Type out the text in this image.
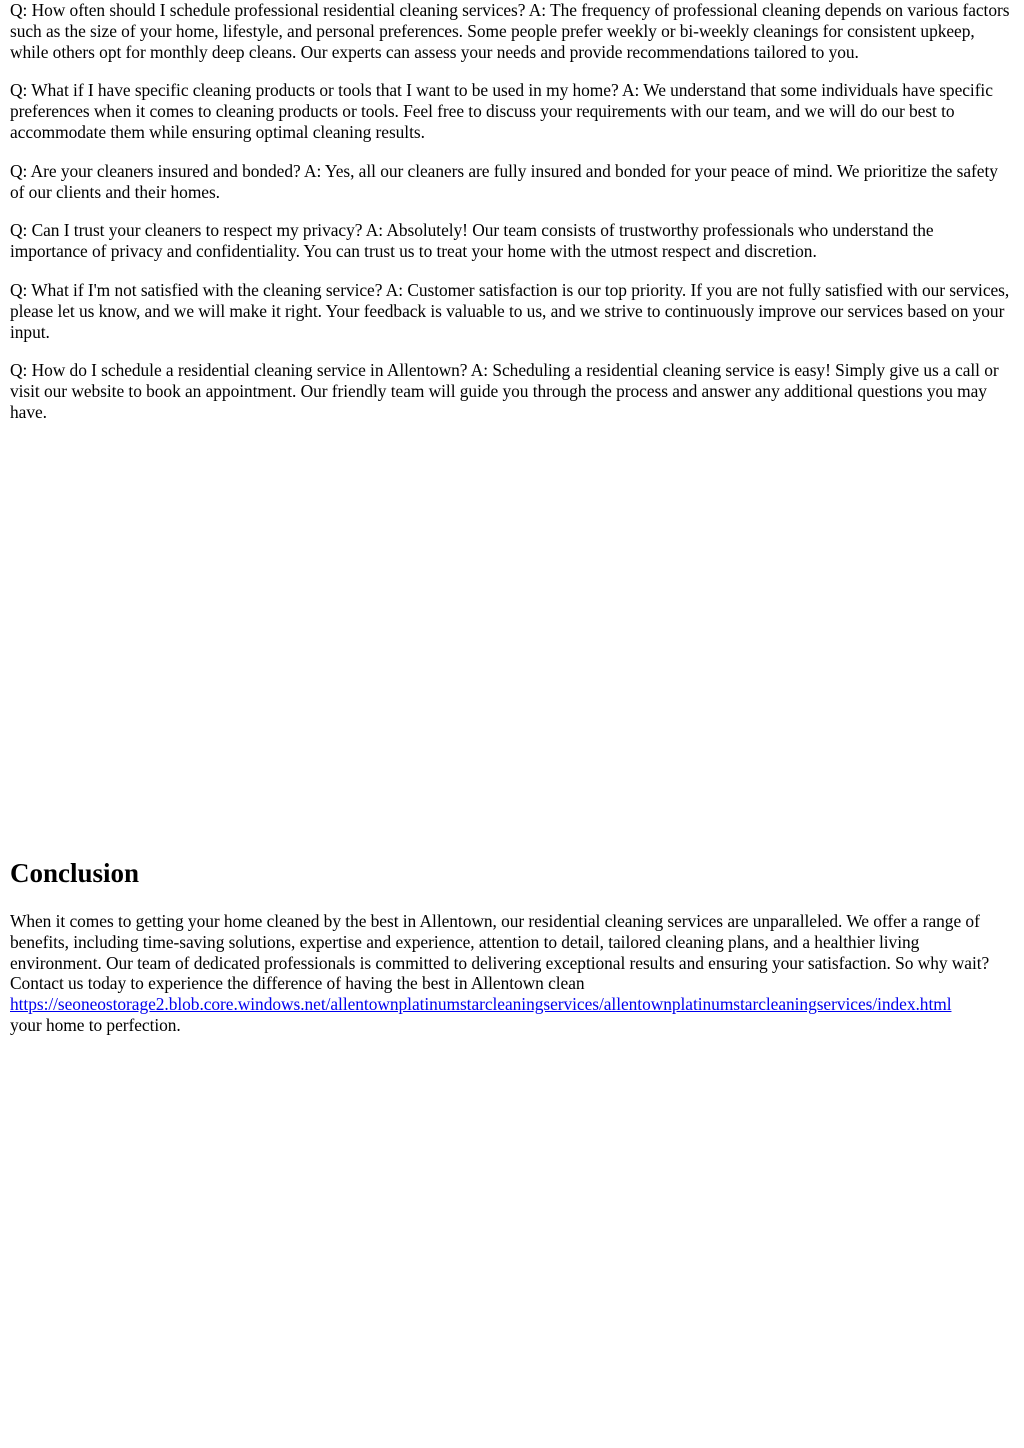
Q: How often should I schedule professional residential cleaning services? A: The frequency of professional cleaning depends on various factors such as the size of your home, lifestyle, and personal preferences. Some people prefer weekly or bi-weekly cleanings for consistent upkeep, while others opt for monthly deep cleans. Our experts can assess your needs and provide recommendations tailored to you.

Q: What if I have specific cleaning products or tools that I want to be used in my home? A: We understand that some individuals have specific preferences when it comes to cleaning products or tools. Feel free to discuss your requirements with our team, and we will do our best to accommodate them while ensuring optimal cleaning results.

Q: Are your cleaners insured and bonded? A: Yes, all our cleaners are fully insured and bonded for your peace of mind. We prioritize the safety of our clients and their homes.

Q: Can I trust your cleaners to respect my privacy? A: Absolutely! Our team consists of trustworthy professionals who understand the importance of privacy and confidentiality. You can trust us to treat your home with the utmost respect and discretion.

Q: What if I'm not satisfied with the cleaning service? A: Customer satisfaction is our top priority. If you are not fully satisfied with our services, please let us know, and we will make it right. Your feedback is valuable to us, and we strive to continuously improve our services based on your input.

Q: How do I schedule a residential cleaning service in Allentown? A: Scheduling a residential cleaning service is easy! Simply give us a call or visit our website to book an appointment. Our friendly team will guide you through the process and answer any additional questions you may have.

Conclusion

When it comes to getting your home cleaned by the best in Allentown, our residential cleaning services are unparalleled. We offer a range of benefits, including time-saving solutions, expertise and experience, attention to detail, tailored cleaning plans, and a healthier living environment. Our team of dedicated professionals is committed to delivering exceptional results and ensuring your satisfaction. So why wait? Contact us today to experience the difference of having the best in Allentown clean
https://seoneostorage2.blob.core.windows.net/allentownplatinumstarcleaningservices/allentownplatinumstarcleaningservices/index.html
your home to perfection.
